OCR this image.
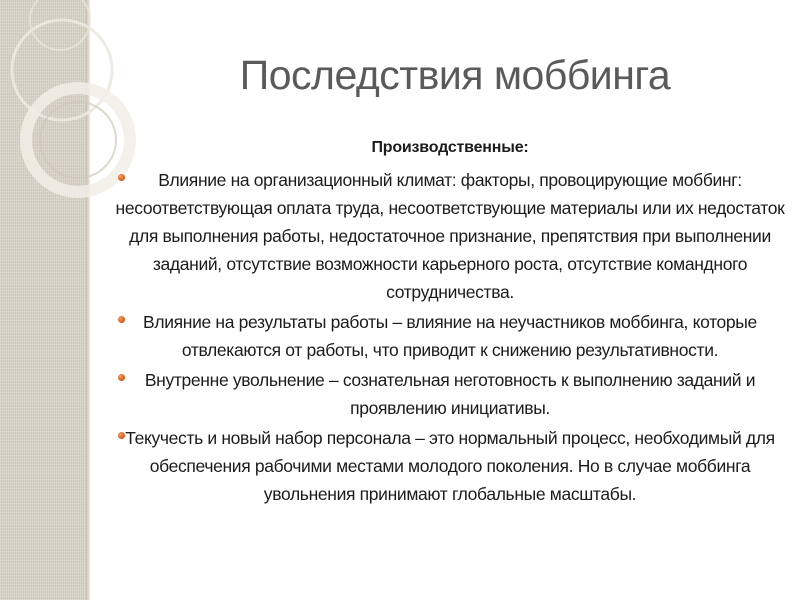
Последствия моббинга
Производственные:
Влияние на организационный климат: факторы, провоцирующие моббинг: несоответствующая оплата труда, несоответствующие материалы или их недостаток для выполнения работы, недостаточное признание, препятствия при выполнении заданий, отсутствие возможности карьерного роста, отсутствие командного сотрудничества.
Влияние на результаты работы – влияние на неучастников моббинга, которые отвлекаются от работы, что приводит к снижению результативности.
Внутренне увольнение – сознательная неготовность к выполнению заданий и проявлению инициативы.
Текучесть и новый набор персонала – это нормальный процесс, необходимый для обеспечения рабочими местами молодого поколения. Но в случае моббинга увольнения принимают глобальные масштабы.
